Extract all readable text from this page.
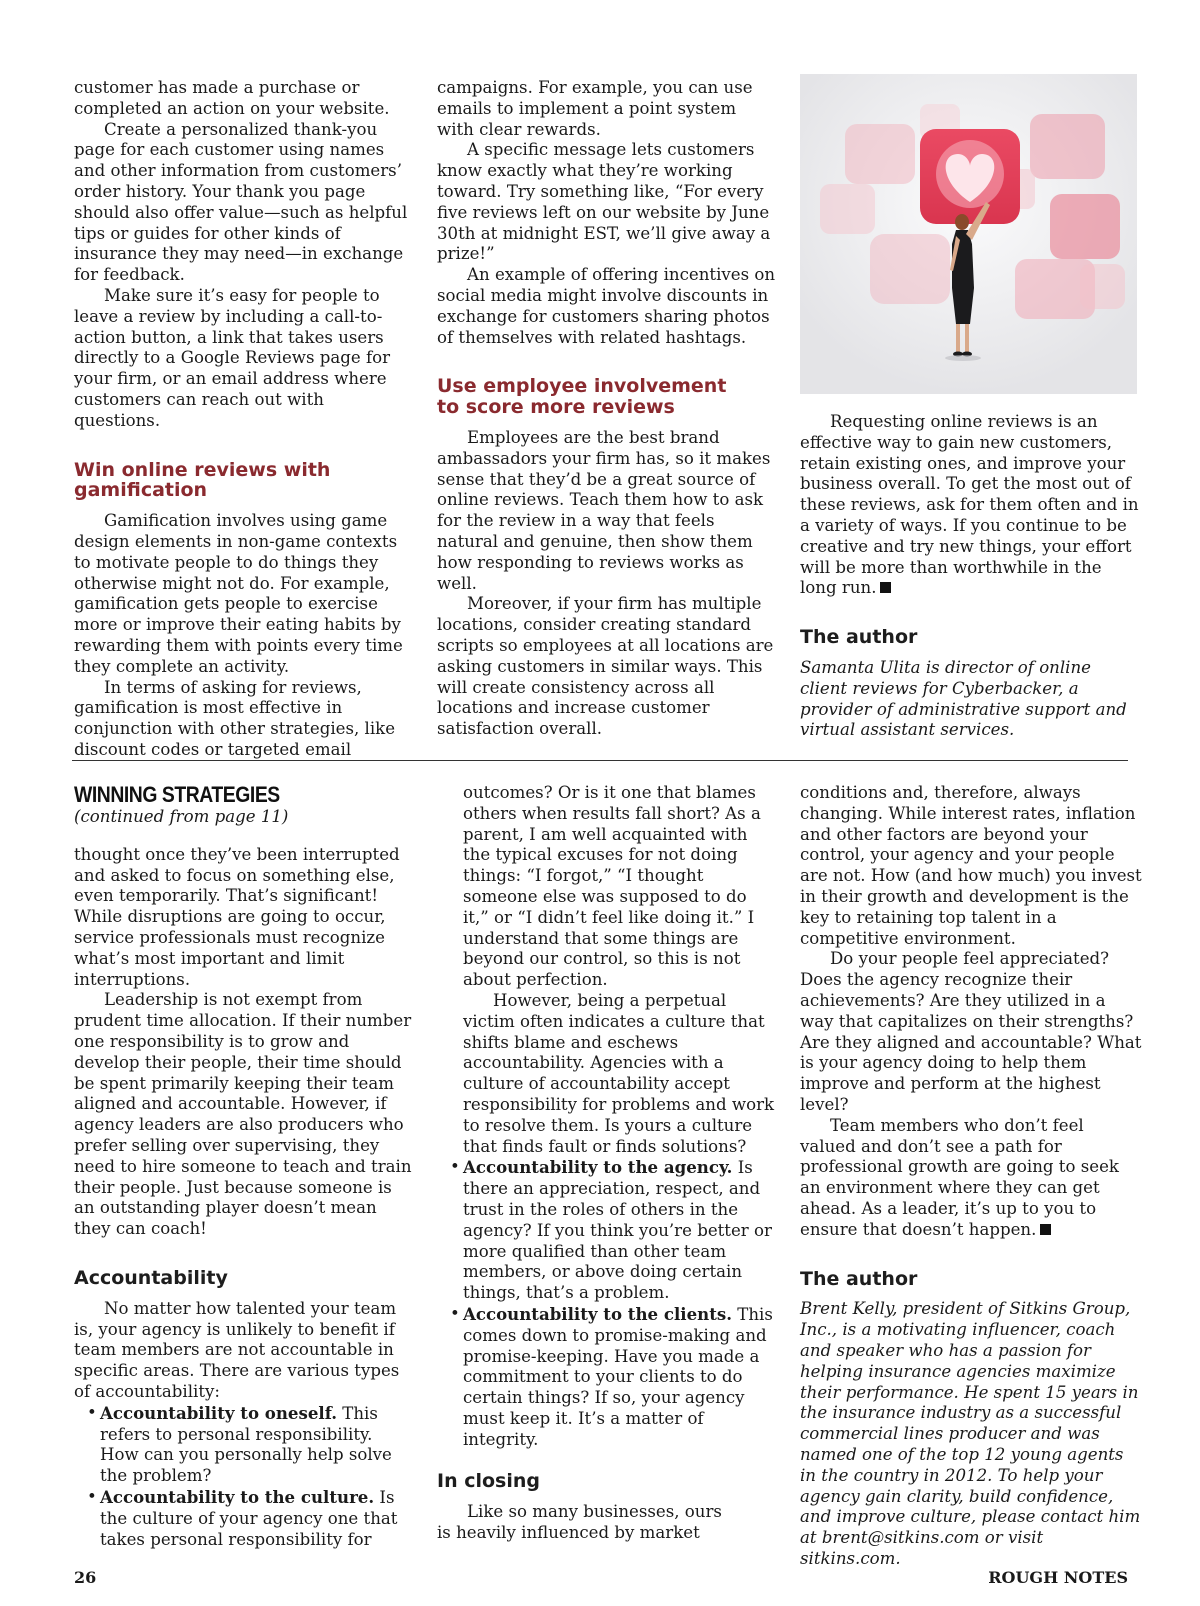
customer has made a purchase or completed an action on your website.

Create a personalized thank-you page for each customer using names and other information from customers’ order history. Your thank you page should also offer value—such as helpful tips or guides for other kinds of insurance they may need—in exchange for feedback.

Make sure it’s easy for people to leave a review by including a call-to-action button, a link that takes users directly to a Google Reviews page for your firm, or an email address where customers can reach out with questions.

Win online reviews with gamification

Gamification involves using game design elements in non-game contexts to motivate people to do things they otherwise might not do. For example, gamification gets people to exercise more or improve their eating habits by rewarding them with points every time they complete an activity.

In terms of asking for reviews, gamification is most effective in conjunction with other strategies, like discount codes or targeted email

campaigns. For example, you can use emails to implement a point system with clear rewards.

A specific message lets customers know exactly what they’re working toward. Try something like, “For every five reviews left on our website by June 30th at midnight EST, we’ll give away a prize!”

An example of offering incentives on social media might involve discounts in exchange for customers sharing photos of themselves with related hashtags.

Use employee involvement to score more reviews

Employees are the best brand ambassadors your firm has, so it makes sense that they’d be a great source of online reviews. Teach them how to ask for the review in a way that feels natural and genuine, then show them how responding to reviews works as well.

Moreover, if your firm has multiple locations, consider creating standard scripts so employees at all locations are asking customers in similar ways. This will create consistency across all locations and increase customer satisfaction overall.

Requesting online reviews is an effective way to gain new customers, retain existing ones, and improve your business overall. To get the most out of these reviews, ask for them often and in a variety of ways. If you continue to be creative and try new things, your effort will be more than worthwhile in the long run.

The author

Samanta Ulita is director of online client reviews for Cyberbacker, a provider of administrative support and virtual assistant services.

WINNING STRATEGIES

(continued from page 11)

thought once they’ve been interrupted and asked to focus on something else, even temporarily. That’s significant! While disruptions are going to occur, service professionals must recognize what’s most important and limit interruptions.

Leadership is not exempt from prudent time allocation. If their number one responsibility is to grow and develop their people, their time should be spent primarily keeping their team aligned and accountable. However, if agency leaders are also producers who prefer selling over supervising, they need to hire someone to teach and train their people. Just because someone is an outstanding player doesn’t mean they can coach!

Accountability

No matter how talented your team is, your agency is unlikely to benefit if team members are not accountable in specific areas. There are various types of accountability:

• Accountability to oneself. This refers to personal responsibility. How can you personally help solve the problem?
• Accountability to the culture. Is the culture of your agency one that takes personal responsibility for

outcomes? Or is it one that blames others when results fall short? As a parent, I am well acquainted with the typical excuses for not doing things: “I forgot,” “I thought someone else was supposed to do it,” or “I didn’t feel like doing it.” I understand that some things are beyond our control, so this is not about perfection.

However, being a perpetual victim often indicates a culture that shifts blame and eschews accountability. Agencies with a culture of accountability accept responsibility for problems and work to resolve them. Is yours a culture that finds fault or finds solutions?

• Accountability to the agency. Is there an appreciation, respect, and trust in the roles of others in the agency? If you think you’re better or more qualified than other team members, or above doing certain things, that’s a problem.
• Accountability to the clients. This comes down to promise-making and promise-keeping. Have you made a commitment to your clients to do certain things? If so, your agency must keep it. It’s a matter of integrity.
In closing

Like so many businesses, ours is heavily influenced by market

conditions and, therefore, always changing. While interest rates, inflation and other factors are beyond your control, your agency and your people are not. How (and how much) you invest in their growth and development is the key to retaining top talent in a competitive environment.

Do your people feel appreciated? Does the agency recognize their achievements? Are they utilized in a way that capitalizes on their strengths? Are they aligned and accountable? What is your agency doing to help them improve and perform at the highest level?

Team members who don’t feel valued and don’t see a path for professional growth are going to seek an environment where they can get ahead. As a leader, it’s up to you to ensure that doesn’t happen.

The author

Brent Kelly, president of Sitkins Group, Inc., is a motivating influencer, coach and speaker who has a passion for helping insurance agencies maximize their performance. He spent 15 years in the insurance industry as a successful commercial lines producer and was named one of the top 12 young agents in the country in 2012. To help your agency gain clarity, build confidence, and improve culture, please contact him at brent@sitkins.com or visit sitkins.com.

26	ROUGH NOTES
